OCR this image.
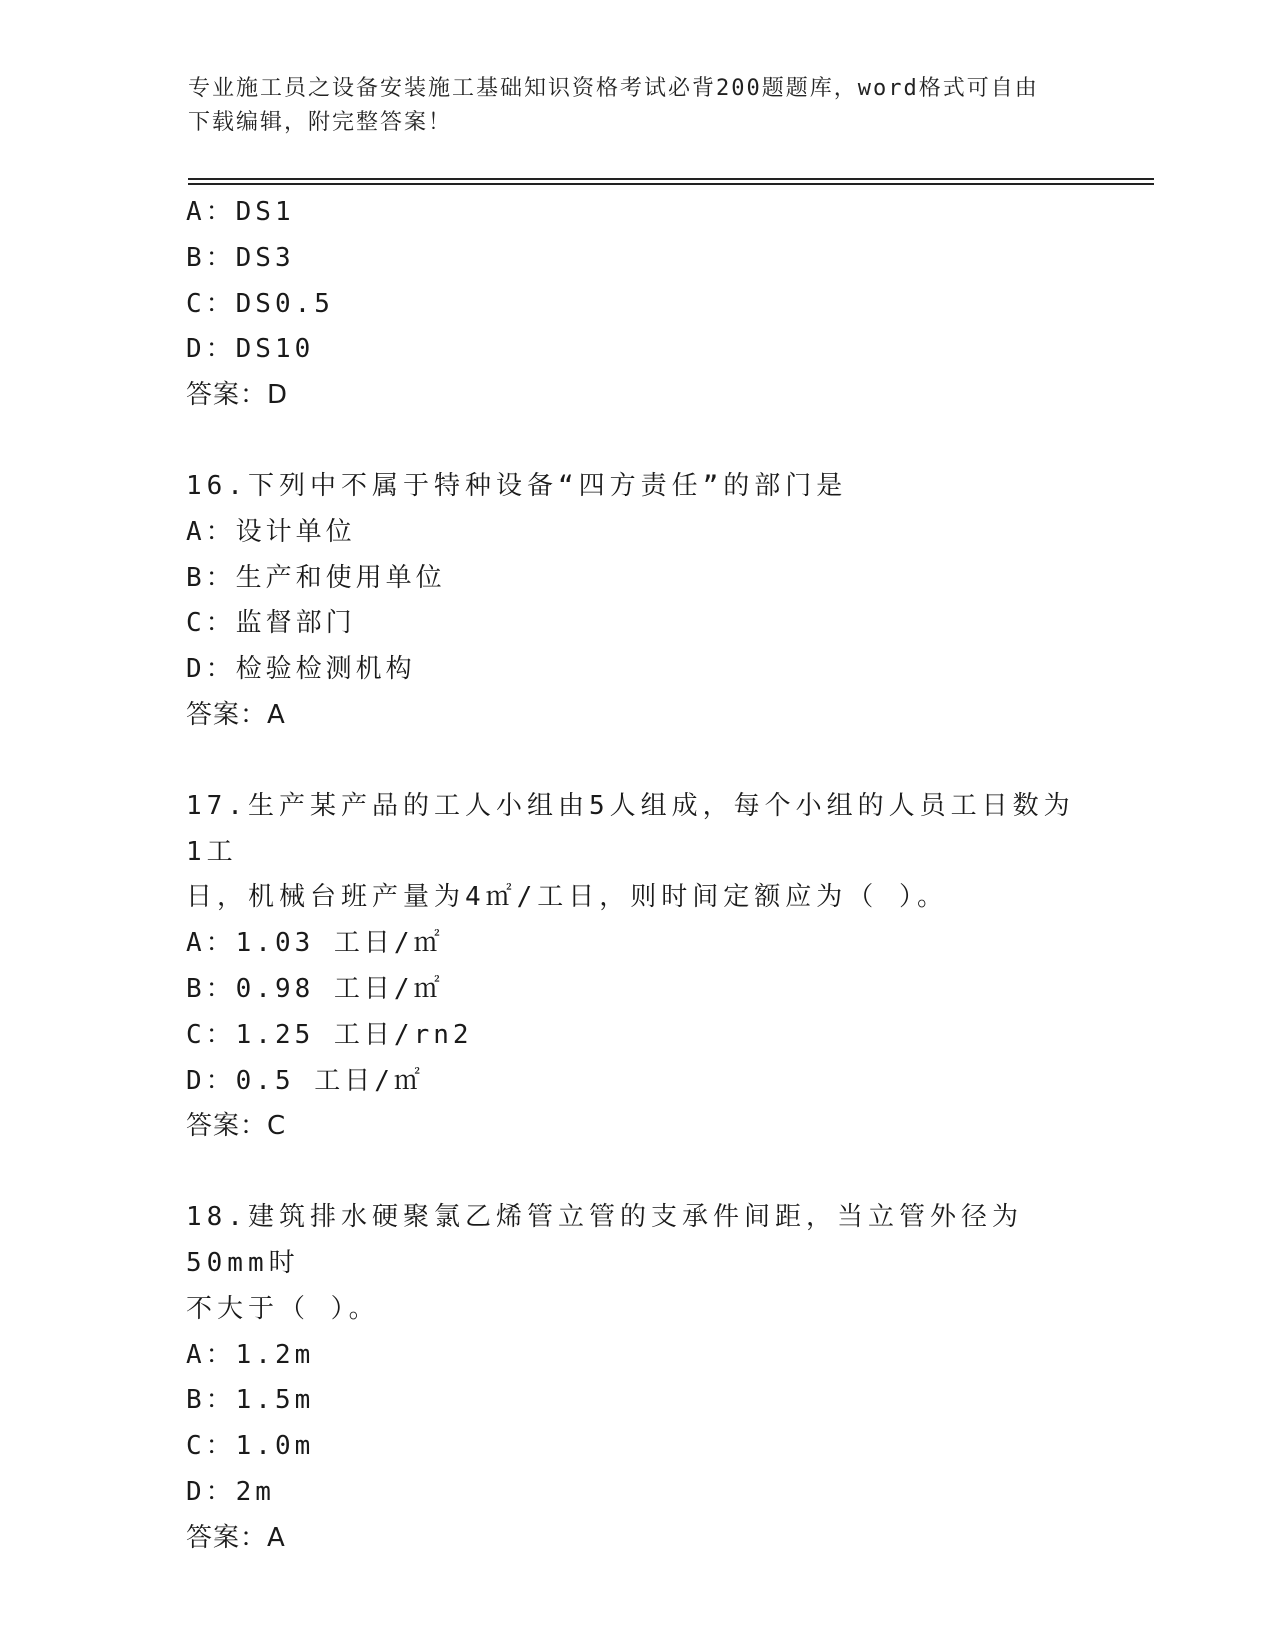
专业施工员之设备安装施工基础知识资格考试必背200题题库，word格式可自由
下载编辑，附完整答案！
A：DS1
B：DS3
C：DS0.5
D：DS10
答案：D
16.下列中不属于特种设备“四方责任”的部门是
A：设计单位
B：生产和使用单位
C：监督部门
D：检验检测机构
答案：A
17.生产某产品的工人小组由5人组成，每个小组的人员工日数为1工
日，机械台班产量为4㎡/工日，则时间定额应为（ ）。
A：1.03 工日/㎡
B：0.98 工日/㎡
C：1.25 工日/rn2
D：0.5 工日/㎡
答案：C
18.建筑排水硬聚氯乙烯管立管的支承件间距，当立管外径为50mm时
不大于（ ）。
A：1.2m
B：1.5m
C：1.0m
D：2m
答案：A
